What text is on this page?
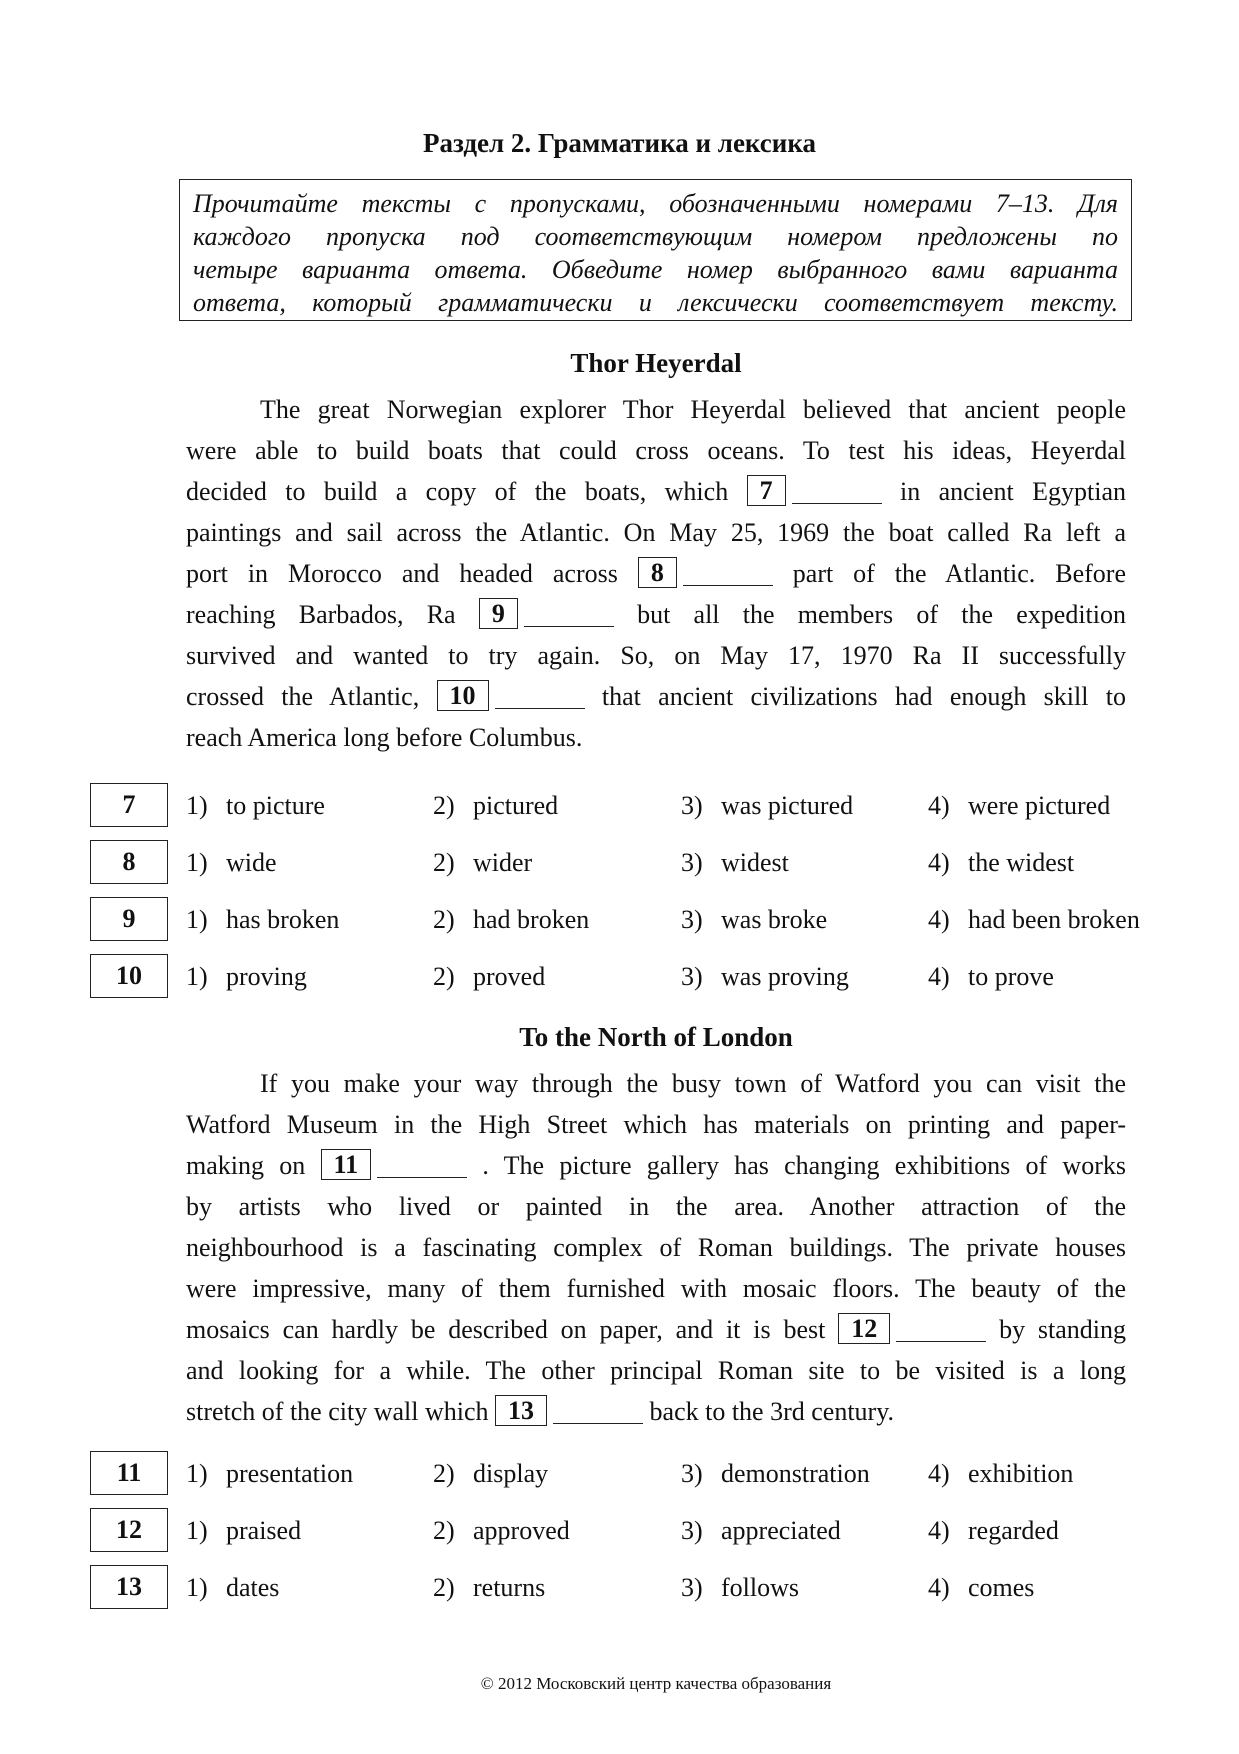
Раздел 2. Грамматика и лексика
Прочитайте тексты с пропусками, обозначенными номерами 7–13. Для
каждого пропуска под соответствующим номером предложены по
четыре варианта ответа. Обведите номер выбранного вами варианта
ответа, который грамматически и лексически соответствует тексту.
Thor Heyerdal
The great Norwegian explorer Thor Heyerdal believed that ancient people
were able to build boats that could cross oceans. To test his ideas, Heyerdal
decided to build a copy of the boats, which 7	in ancient Egyptian
paintings and sail across the Atlantic. On May 25, 1969 the boat called Ra left a
port in Morocco and headed across 8	part of the Atlantic. Before
reaching Barbados, Ra 9	but all the members of the expedition
survived and wanted to try again. So, on May 17, 1970 Ra II successfully
crossed the Atlantic, 10	that ancient civilizations had enough skill to
reach America long before Columbus.
7	1) to picture	2) pictured	3) was pictured	4) were pictured
8	1) wide	2) wider	3) widest	4) the widest
9	1) has broken	2) had broken	3) was broke	4) had been broken
10	1) proving	2) proved	3) was proving	4) to prove
To the North of London
If you make your way through the busy town of Watford you can visit the
Watford Museum in the High Street which has materials on printing and paper-
making on 11	. The picture gallery has changing exhibitions of works
by artists who lived or painted in the area. Another attraction of the
neighbourhood is a fascinating complex of Roman buildings. The private houses
were impressive, many of them furnished with mosaic floors. The beauty of the
mosaics can hardly be described on paper, and it is best 12	by standing
and looking for a while. The other principal Roman site to be visited is a long
stretch of the city wall which 13	back to the 3rd century.
11	1) presentation	2) display	3) demonstration 4) exhibition
12	1) praised	2) approved	3) appreciated	4) regarded
13	1) dates	2) returns	3) follows	4) comes
© 2012 Московский центр качества образования
